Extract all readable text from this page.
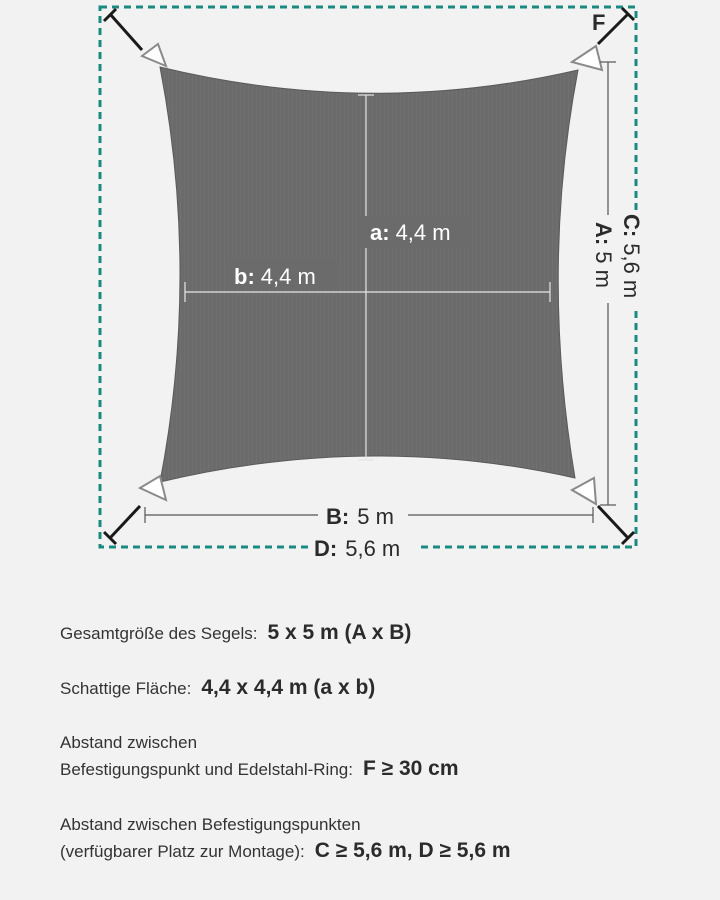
a: 4,4 m
b: 4,4 m
B: 5 m
D: 5,6 m
A:5 m
C:5,6 m
F
Gesamtgröße des Segels: 5 x 5 m (A x B)
Schattige Fläche: 4,4 x 4,4 m (a x b)
Abstand zwischen
Befestigungspunkt und Edelstahl-Ring: F ≥ 30 cm
Abstand zwischen Befestigungspunkten
(verfügbarer Platz zur Montage): C ≥ 5,6 m, D ≥ 5,6 m
